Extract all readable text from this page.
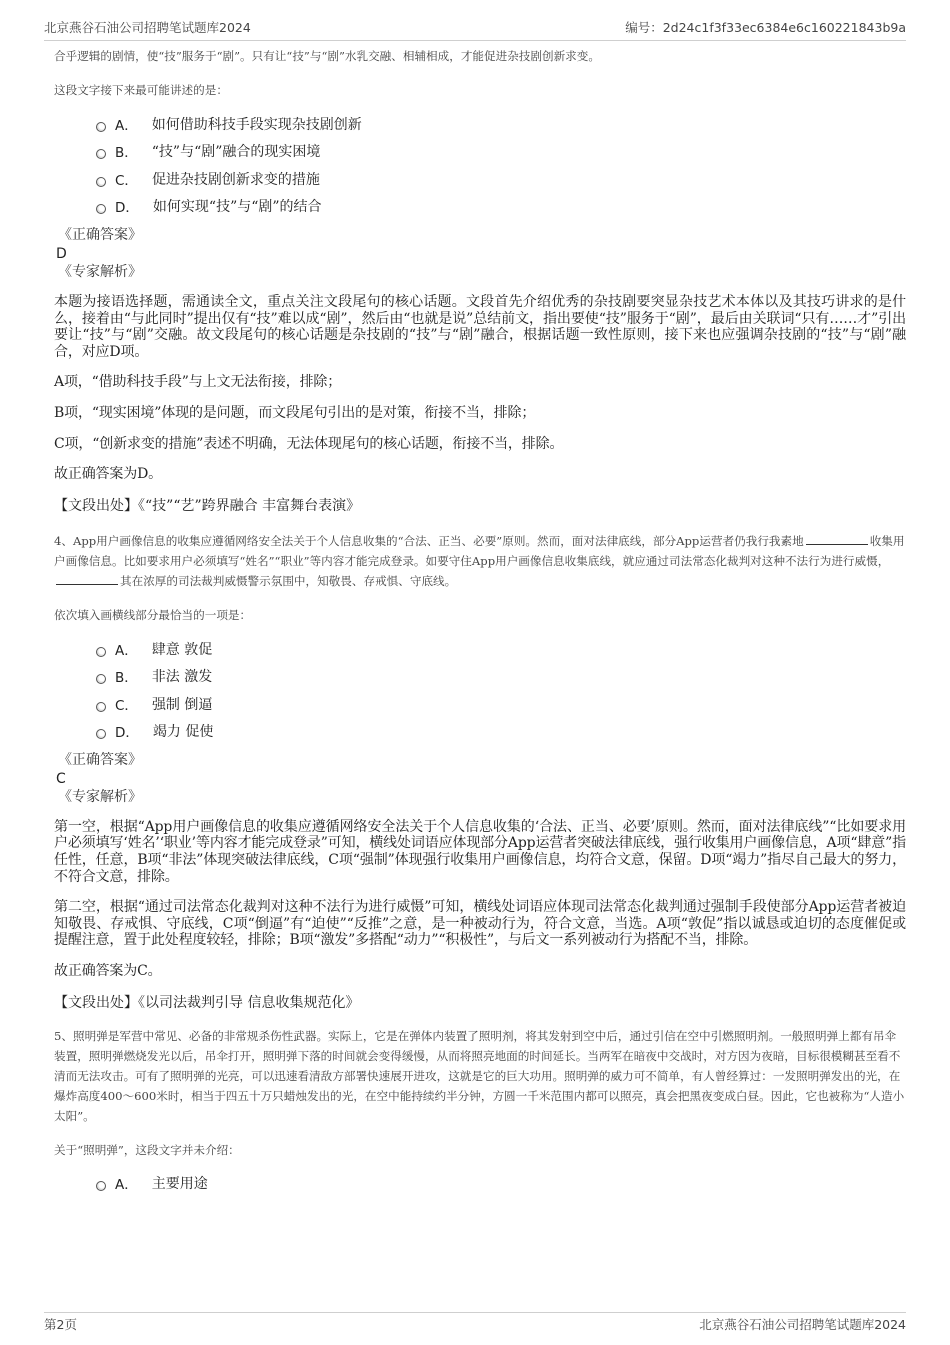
北京燕谷石油公司招聘笔试题库2024	编号：2d24c1f3f33ec6384e6c160221843b9a

合乎逻辑的剧情，使“技”服务于“剧”。只有让“技”与“剧”水乳交融、相辅相成，才能促进杂技剧创新求变。

这段文字接下来最可能讲述的是：

A． 如何借助科技手段实现杂技剧创新
B． “技”与“剧”融合的现实困境
C． 促进杂技剧创新求变的措施
D． 如何实现“技”与“剧”的结合

《正确答案》

D

《专家解析》

本题为接语选择题，需通读全文，重点关注文段尾句的核心话题。文段首先介绍优秀的杂技剧要突显杂技艺术本体以及其技巧讲求的是什么，接着由“与此同时”提出仅有“技”难以成“剧”，然后由“也就是说”总结前文，指出要使“技”服务于“剧”，最后由关联词“只有……才”引出要让“技”与“剧”交融。故文段尾句的核心话题是杂技剧的“技”与“剧”融合，根据话题一致性原则，接下来也应强调杂技剧的“技”与“剧”融合，对应D项。

A项，“借助科技手段”与上文无法衔接，排除；

B项，“现实困境”体现的是问题，而文段尾句引出的是对策，衔接不当，排除；

C项，“创新求变的措施”表述不明确，无法体现尾句的核心话题，衔接不当，排除。

故正确答案为D。

【文段出处】《“技”“艺”跨界融合 丰富舞台表演》

4、App用户画像信息的收集应遵循网络安全法关于个人信息收集的“合法、正当、必要”原则。然而，面对法律底线，部分App运营者仍我行我素地	收集用户画像信息。比如要求用户必须填写“姓名”“职业”等内容才能完成登录。如要守住App用户画像信息收集底线，就应通过司法常态化裁判对这种不法行为进行威慑，其在浓厚的司法裁判威慑警示氛围中，知敬畏、存戒惧、守底线。

依次填入画横线部分最恰当的一项是：

A． 肆意 敦促
B． 非法 激发
C． 强制 倒逼
D． 竭力 促使

《正确答案》

C

《专家解析》

第一空，根据“App用户画像信息的收集应遵循网络安全法关于个人信息收集的‘合法、正当、必要’原则。然而，面对法律底线”“比如要求用户必须填写‘姓名’‘职业’等内容才能完成登录”可知，横线处词语应体现部分App运营者突破法律底线，强行收集用户画像信息，A项“肆意”指任性，任意，B项“非法”体现突破法律底线，C项“强制”体现强行收集用户画像信息，均符合文意，保留。D项“竭力”指尽自己最大的努力，不符合文意，排除。

第二空，根据“通过司法常态化裁判对这种不法行为进行威慑”可知，横线处词语应体现司法常态化裁判通过强制手段使部分App运营者被迫知敬畏、存戒惧、守底线，C项“倒逼”有“迫使”“反推”之意，是一种被动行为，符合文意，当选。A项“敦促”指以诚恳或迫切的态度催促或提醒注意，置于此处程度较轻，排除；B项“激发”多搭配“动力”“积极性”，与后文一系列被动行为搭配不当，排除。

故正确答案为C。

【文段出处】《以司法裁判引导 信息收集规范化》

5、照明弹是军营中常见、必备的非常规杀伤性武器。实际上，它是在弹体内装置了照明剂，将其发射到空中后，通过引信在空中引燃照明剂。一般照明弹上都有吊伞装置，照明弹燃烧发光以后，吊伞打开，照明弹下落的时间就会变得缓慢，从而将照亮地面的时间延长。当两军在暗夜中交战时，对方因为夜暗，目标很模糊甚至看不清而无法攻击。可有了照明弹的光亮，可以迅速看清敌方部署快速展开进攻，这就是它的巨大功用。照明弹的威力可不简单，有人曾经算过：一发照明弹发出的光，在爆炸高度400～600米时，相当于四五十万只蜡烛发出的光，在空中能持续约半分钟，方圆一千米范围内都可以照亮，真会把黑夜变成白昼。因此，它也被称为“人造小太阳”。

关于“照明弹”，这段文字并未介绍：

A． 主要用途
第2页	北京燕谷石油公司招聘笔试题库2024
